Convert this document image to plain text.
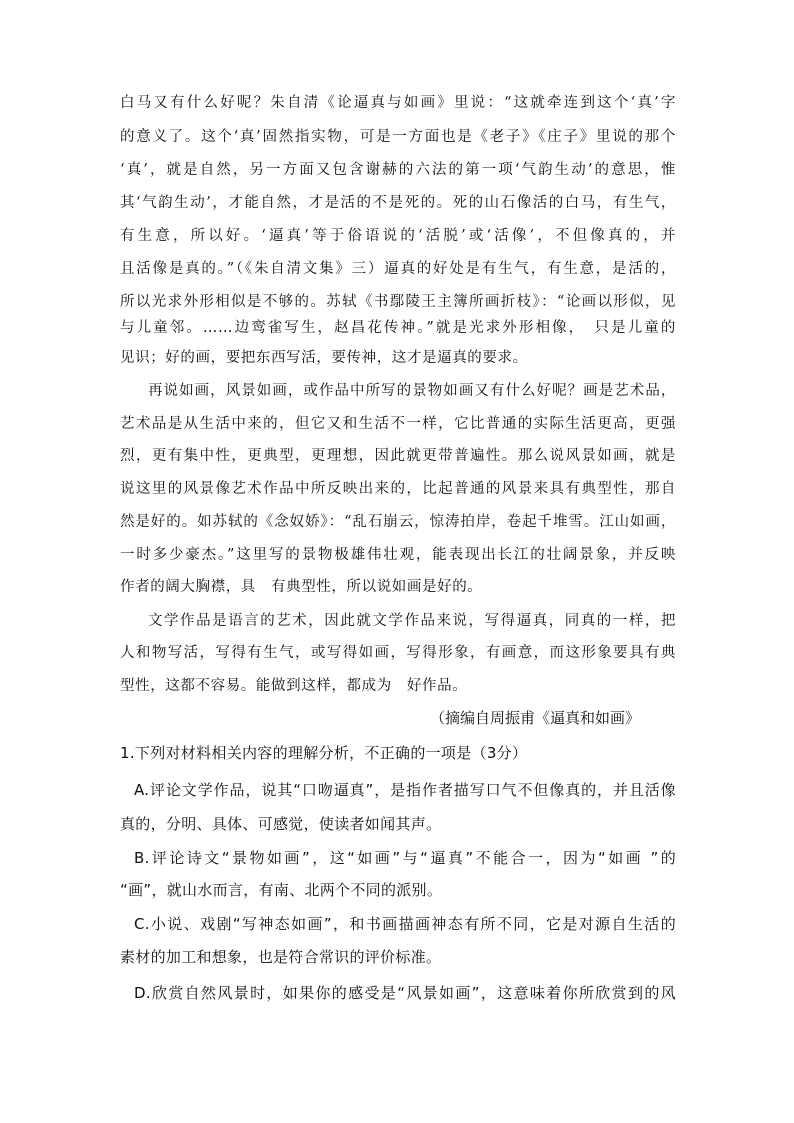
白马又有什么好呢？朱自清《论逼真与如画》里说：“这就牵连到这个‘真’字
的意义了。这个‘真’固然指实物，可是一方面也是《老子》《庄子》里说的那个
‘真’，就是自然，另一方面又包含谢赫的六法的第一项‘气韵生动’的意思，惟
其‘气韵生动’，才能自然，才是活的不是死的。死的山石像活的白马，有生气，
有生意，所以好。‘逼真’等于俗语说的‘活脱’或‘活像’，不但像真的，并
且活像是真的。”（《朱自清文集》三）逼真的好处是有生气，有生意，是活的，
所以光求外形相似是不够的。苏轼《书鄢陵王主簿所画折枝》：“论画以形似，见
与儿童邻。……边鸾雀写生，赵昌花传神。”就是光求外形相像，　只是儿童的
见识；好的画，要把东西写活，要传神，这才是逼真的要求。
再说如画，风景如画，或作品中所写的景物如画又有什么好呢？画是艺术品，
艺术品是从生活中来的，但它又和生活不一样，它比普通的实际生活更高，更强
烈，更有集中性，更典型，更理想，因此就更带普遍性。那么说风景如画，就是
说这里的风景像艺术作品中所反映出来的，比起普通的风景来具有典型性，那自
然是好的。如苏轼的《念奴娇》：“乱石崩云，惊涛拍岸，卷起千堆雪。江山如画，
一时多少豪杰。”这里写的景物极雄伟壮观，能表现出长江的壮阔景象，并反映
作者的阔大胸襟，具　有典型性，所以说如画是好的。
文学作品是语言的艺术，因此就文学作品来说，写得逼真，同真的一样，把
人和物写活，写得有生气，或写得如画，写得形象，有画意，而这形象要具有典
型性，这都不容易。能做到这样，都成为　好作品。
（摘编自周振甫《逼真和如画》
1.下列对材料相关内容的理解分析，不正确的一项是（3分）
A.评论文学作品，说其“口吻逼真”，是指作者描写口气不但像真的，并且活像
真的，分明、具体、可感觉，使读者如闻其声。
B.评论诗文“景物如画”，这“如画”与“逼真”不能合一，因为“如画 ”的
“画”，就山水而言，有南、北两个不同的派别。
C.小说、戏剧“写神态如画”，和书画描画神态有所不同，它是对源自生活的
素材的加工和想象，也是符合常识的评价标准。
D.欣赏自然风景时，如果你的感受是“风景如画”，这意味着你所欣赏到的风
